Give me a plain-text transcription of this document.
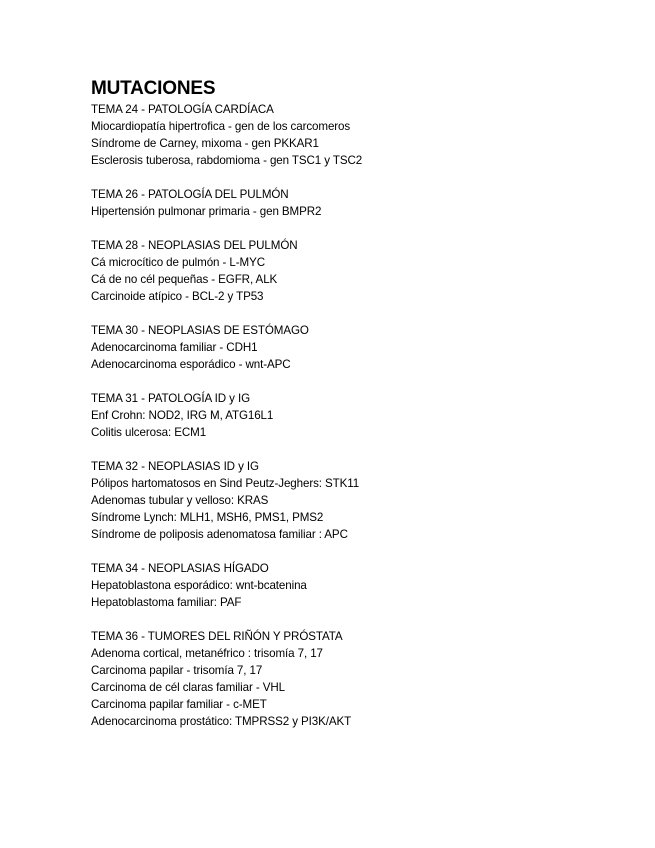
MUTACIONES
TEMA 24 - PATOLOGÍA CARDÍACA
Miocardiopatía hipertrofica - gen de los carcomeros
Síndrome de Carney, mixoma - gen PKKAR1
Esclerosis tuberosa, rabdomioma - gen TSC1 y TSC2
TEMA 26 - PATOLOGÍA DEL PULMÓN
Hipertensión pulmonar primaria - gen BMPR2
TEMA 28 - NEOPLASIAS DEL PULMÓN
Cá microcítico de pulmón - L-MYC
Cá de no cél pequeñas - EGFR, ALK
Carcinoide atípico - BCL-2 y TP53
TEMA 30 - NEOPLASIAS DE ESTÓMAGO
Adenocarcinoma familiar - CDH1
Adenocarcinoma esporádico - wnt-APC
TEMA 31 - PATOLOGÍA ID y IG
Enf Crohn: NOD2, IRG M, ATG16L1
Colitis ulcerosa: ECM1
TEMA 32 - NEOPLASIAS ID y IG
Pólipos hartomatosos en Sind Peutz-Jeghers: STK11
Adenomas tubular y velloso: KRAS
Síndrome Lynch: MLH1, MSH6, PMS1, PMS2
Síndrome de poliposis adenomatosa familiar : APC
TEMA 34 - NEOPLASIAS HÍGADO
Hepatoblastona esporádico: wnt-bcatenina
Hepatoblastoma familiar: PAF
TEMA 36 - TUMORES DEL RIÑÓN Y PRÓSTATA
Adenoma cortical, metanéfrico : trisomía 7, 17
Carcinoma papilar - trisomía 7, 17
Carcinoma de cél claras familiar - VHL
Carcinoma papilar familiar - c-MET
Adenocarcinoma prostático: TMPRSS2 y PI3K/AKT
